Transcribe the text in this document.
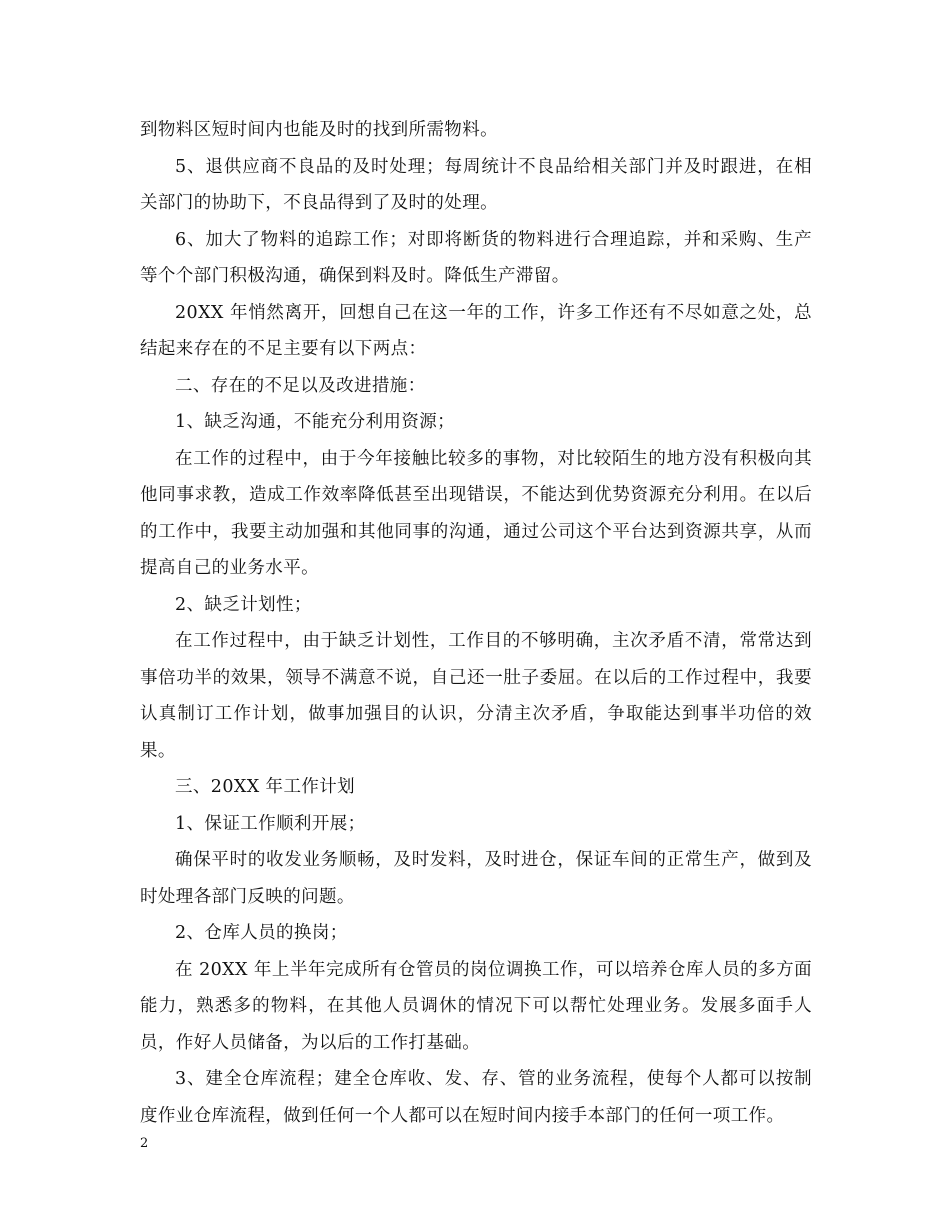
到物料区短时间内也能及时的找到所需物料。

5、退供应商不良品的及时处理；每周统计不良品给相关部门并及时跟进，在相关部门的协助下，不良品得到了及时的处理。

6、加大了物料的追踪工作；对即将断货的物料进行合理追踪，并和采购、生产等个个部门积极沟通，确保到料及时。降低生产滞留。

20XX 年悄然离开，回想自己在这一年的工作，许多工作还有不尽如意之处，总结起来存在的不足主要有以下两点：

二、存在的不足以及改进措施：

1、缺乏沟通，不能充分利用资源；

在工作的过程中，由于今年接触比较多的事物，对比较陌生的地方没有积极向其他同事求教，造成工作效率降低甚至出现错误，不能达到优势资源充分利用。在以后的工作中，我要主动加强和其他同事的沟通，通过公司这个平台达到资源共享，从而提高自己的业务水平。

2、缺乏计划性；

在工作过程中，由于缺乏计划性，工作目的不够明确，主次矛盾不清，常常达到事倍功半的效果，领导不满意不说，自己还一肚子委屈。在以后的工作过程中，我要认真制订工作计划，做事加强目的认识，分清主次矛盾，争取能达到事半功倍的效果。

三、20XX 年工作计划

1、保证工作顺利开展；

确保平时的收发业务顺畅，及时发料，及时进仓，保证车间的正常生产，做到及时处理各部门反映的问题。

2、仓库人员的换岗；

在 20XX 年上半年完成所有仓管员的岗位调换工作，可以培养仓库人员的多方面能力，熟悉多的物料，在其他人员调休的情况下可以帮忙处理业务。发展多面手人员，作好人员储备，为以后的工作打基础。

3、建全仓库流程；建全仓库收、发、存、管的业务流程，使每个人都可以按制度作业仓库流程，做到任何一个人都可以在短时间内接手本部门的任何一项工作。

2
